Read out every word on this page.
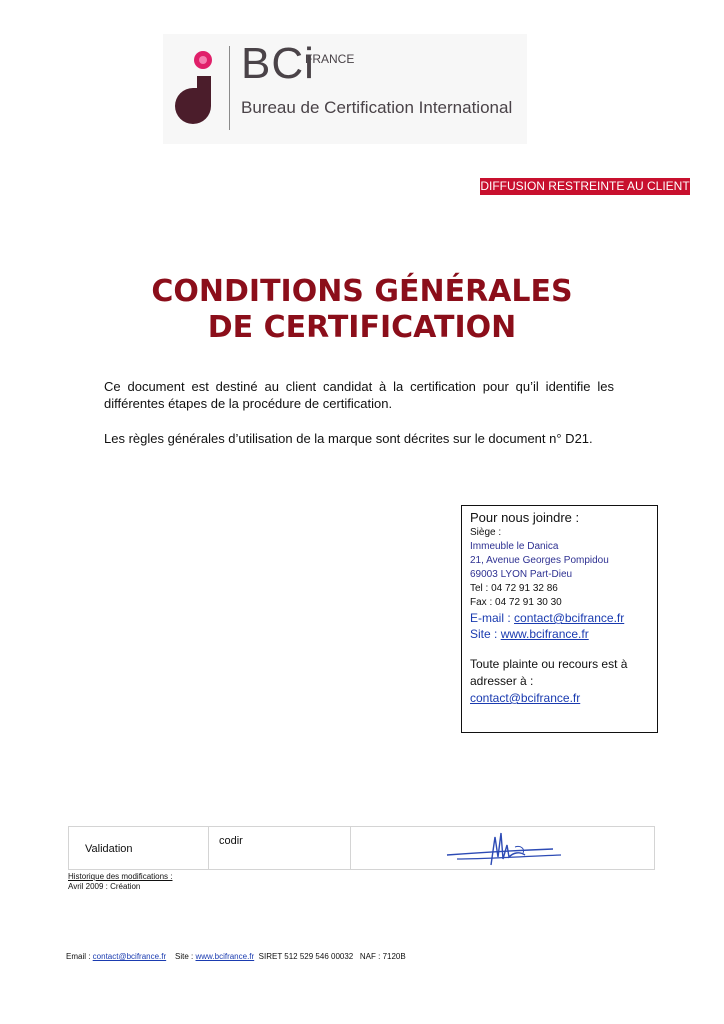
BCi
FRANCE
Bureau de Certification International
DIFFUSION RESTREINTE AU CLIENT
CONDITIONS GÉNÉRALES
DE CERTIFICATION
Ce document est destiné au client candidat à la certification pour qu’il identifie les différentes étapes de la procédure de certification.
Les règles générales d’utilisation de la marque sont décrites sur le document n° D21.
Pour nous joindre :
Siège :
Immeuble le Danica
21, Avenue Georges Pompidou
69003 LYON Part-Dieu
Tel : 04 72 91 32 86
Fax : 04 72 91 30 30
E-mail : contact@bcifrance.fr
Site : www.bcifrance.fr
Toute plainte ou recours est à adresser à :
contact@bcifrance.fr
Validation
codir
Historique des modifications :
Avril 2009 : Création
Email : contact@bcifrance.fr Site : www.bcifrance.fr SIRET 512 529 546 00032 NAF : 7120B
